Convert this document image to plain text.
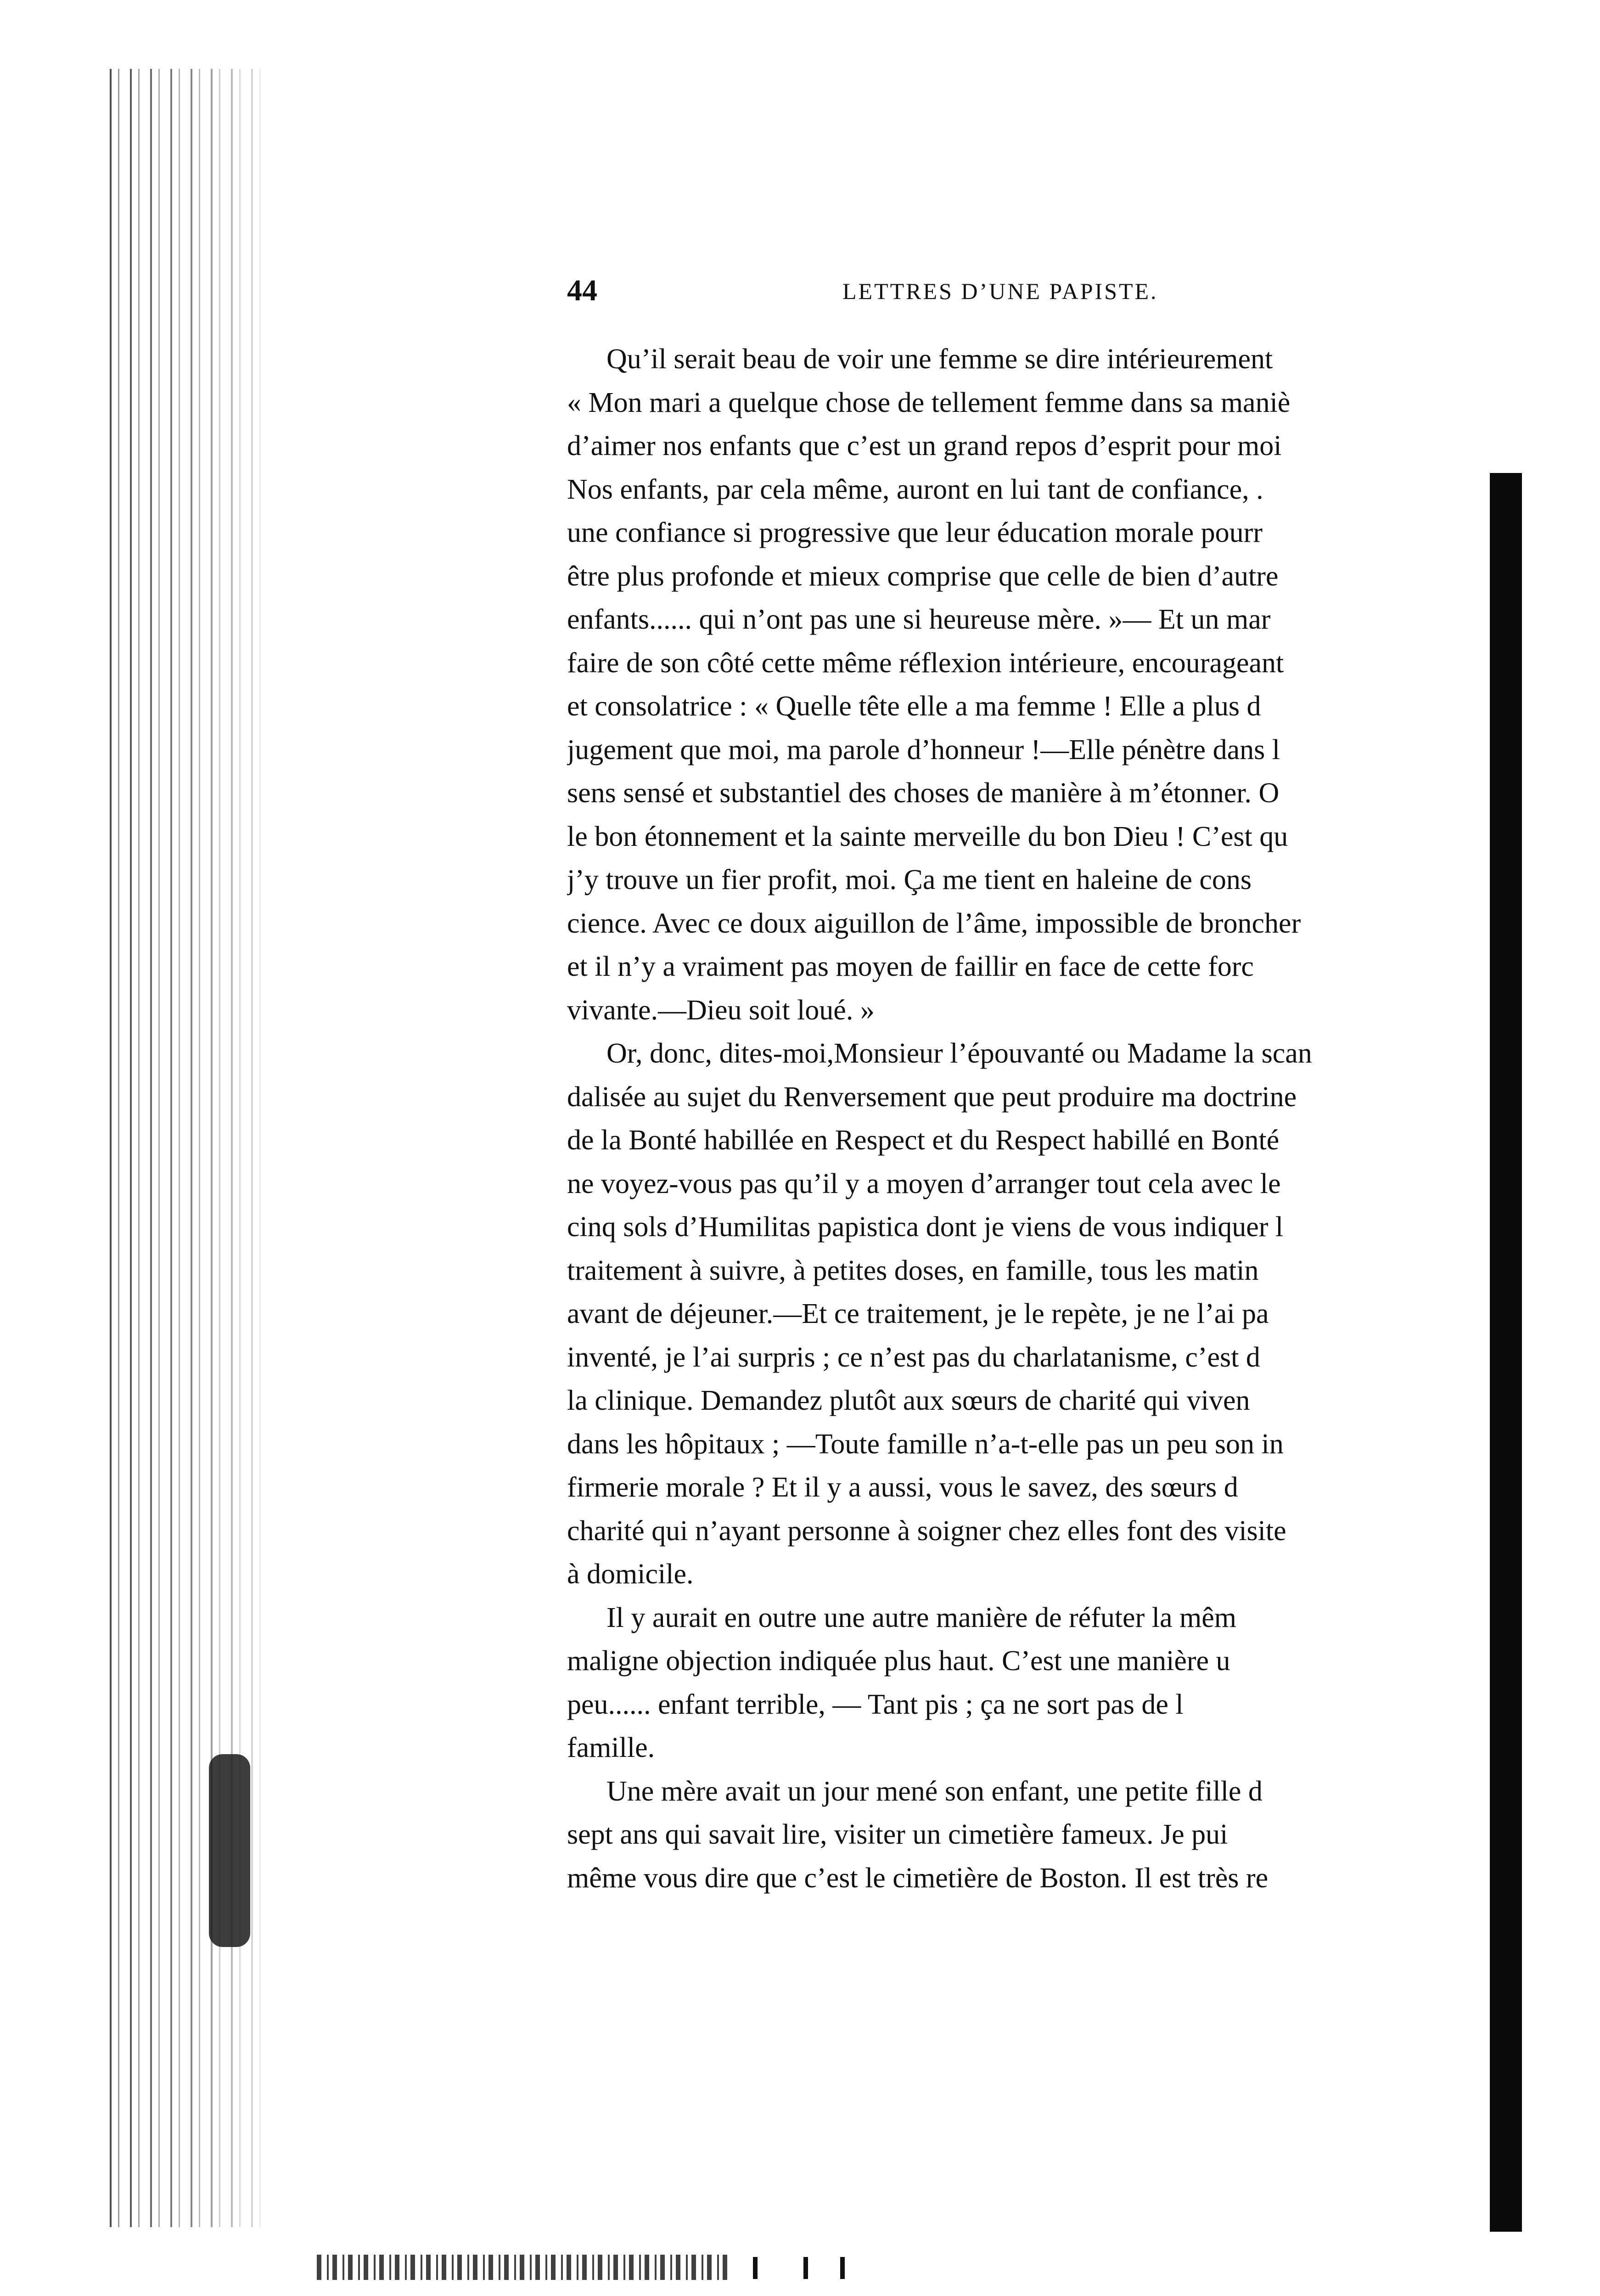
44	LETTRES D’UNE PAPISTE.
Qu’il serait beau de voir une femme se dire intérieurement
« Mon mari a quelque chose de tellement femme dans sa maniè
d’aimer nos enfants que c’est un grand repos d’esprit pour moi
Nos enfants, par cela même, auront en lui tant de confiance, .
une confiance si progressive que leur éducation morale pourr
être plus profonde et mieux comprise que celle de bien d’autre
enfants...... qui n’ont pas une si heureuse mère. »— Et un mar
faire de son côté cette même réflexion intérieure, encourageant
et consolatrice : « Quelle tête elle a ma femme ! Elle a plus d
jugement que moi, ma parole d’honneur !—Elle pénètre dans l
sens sensé et substantiel des choses de manière à m’étonner. O
le bon étonnement et la sainte merveille du bon Dieu ! C’est qu
j’y trouve un fier profit, moi. Ça me tient en haleine de cons
cience. Avec ce doux aiguillon de l’âme, impossible de broncher
et il n’y a vraiment pas moyen de faillir en face de cette forc
vivante.—Dieu soit loué. »
Or, donc, dites-moi,Monsieur l’épouvanté ou Madame la scan
dalisée au sujet du Renversement que peut produire ma doctrine
de la Bonté habillée en Respect et du Respect habillé en Bonté
ne voyez-vous pas qu’il y a moyen d’arranger tout cela avec le
cinq sols d’Humilitas papistica dont je viens de vous indiquer l
traitement à suivre, à petites doses, en famille, tous les matin
avant de déjeuner.—Et ce traitement, je le repète, je ne l’ai pa
inventé, je l’ai surpris ; ce n’est pas du charlatanisme, c’est d
la clinique. Demandez plutôt aux sœurs de charité qui viven
dans les hôpitaux ; —Toute famille n’a-t-elle pas un peu son in
firmerie morale ? Et il y a aussi, vous le savez, des sœurs d
charité qui n’ayant personne à soigner chez elles font des visite
à domicile.
Il y aurait en outre une autre manière de réfuter la mêm
maligne objection indiquée plus haut. C’est une manière u
peu...... enfant terrible, — Tant pis ; ça ne sort pas de l
famille.
Une mère avait un jour mené son enfant, une petite fille d
sept ans qui savait lire, visiter un cimetière fameux. Je pui
même vous dire que c’est le cimetière de Boston. Il est très re
